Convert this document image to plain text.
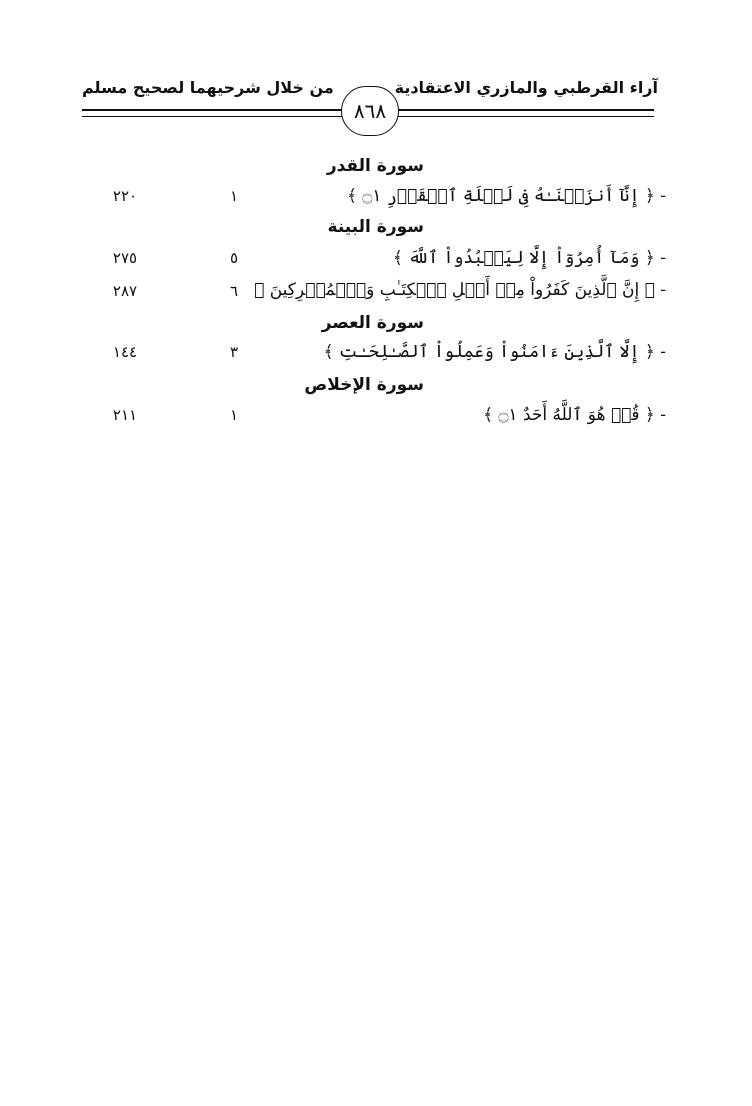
آراء القرطبي والمازري الاعتقادية
من خلال شرحيهما لصحيح مسلم
٨٦٨
سورة القدر
- ﴿ إِنَّآ أَنزَلۡنَـٰهُ فِى لَيۡلَةِ ٱلۡقَدۡرِ ۝١ ﴾
١
٢٢٠
سورة البينة
- ﴿ وَمَآ أُمِرُوٓاْ إِلَّا لِيَعۡبُدُواْ ٱللَّهَ ﴾
٥
٢٧٥
- ﴿ إِنَّ ٱلَّذِينَ كَفَرُواْ مِنۡ أَهۡلِ ٱلۡكِتَـٰبِ وَٱلۡمُشۡرِكِينَ ﴾
٦
٢٨٧
سورة العصر
- ﴿ إِلَّا ٱلَّذِينَ ءَامَنُواْ وَعَمِلُواْ ٱلصَّـٰلِحَـٰتِ ﴾
٣
١٤٤
سورة الإخلاص
- ﴿ قُلۡ هُوَ ٱللَّهُ أَحَدٌ ۝١ ﴾
١
٢١١
